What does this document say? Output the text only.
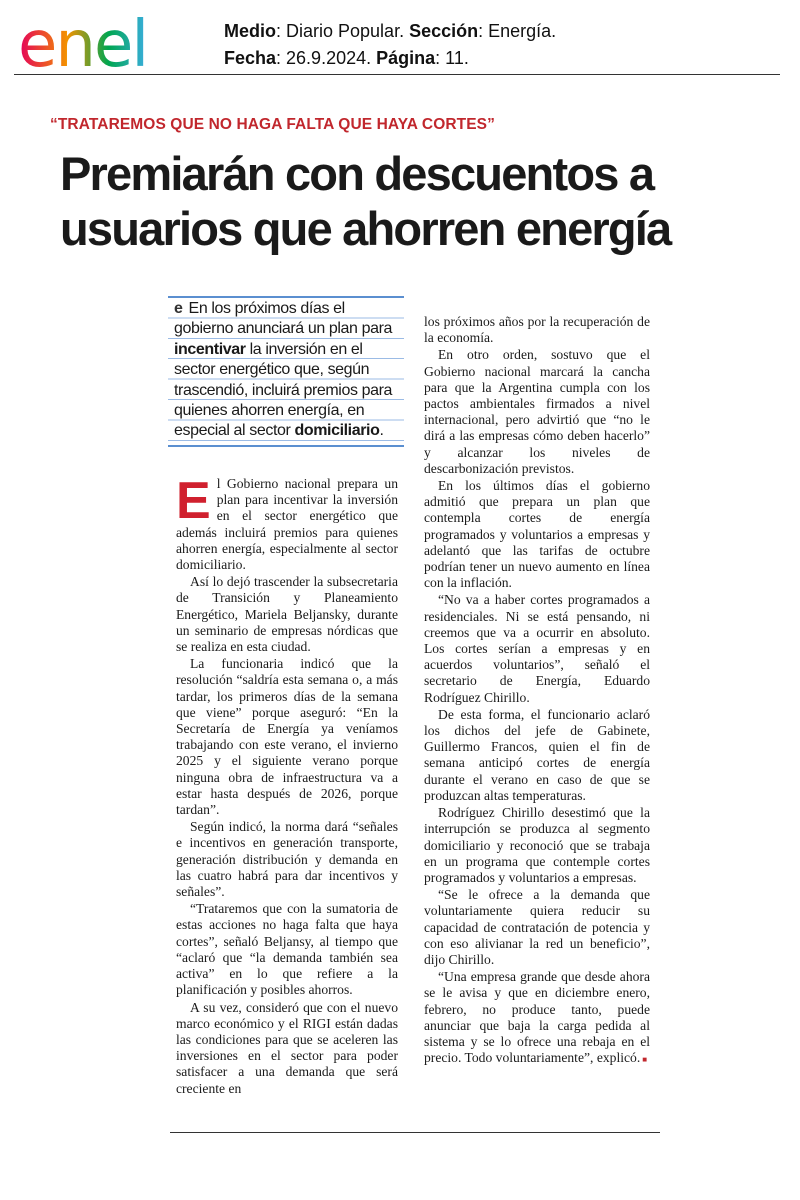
enel	Medio: Diario Popular. Sección: Energía.
Fecha: 26.9.2024. Página: 11.
“TRATAREMOS QUE NO HAGA FALTA QUE HAYA CORTES”
Premiarán con descuentos a usuarios que ahorren energía

e En los próximos días el gobierno anunciará un plan para incentivar la inversión en el sector energético que, según trascendió, incluirá premios para quienes ahorren energía, en especial al sector domiciliario.

El Gobierno nacional prepara un plan para incentivar la inversión en el sector energético que además incluirá premios para quienes ahorren energía, especialmente al sector domiciliario.

Así lo dejó trascender la subsecretaria de Transición y Planeamiento Energético, Mariela Beljansky, durante un seminario de empresas nórdicas que se realiza en esta ciudad.

La funcionaria indicó que la resolución “saldría esta semana o, a más tardar, los primeros días de la semana que viene” porque aseguró: “En la Secretaría de Energía ya veníamos trabajando con este verano, el invierno 2025 y el siguiente verano porque ninguna obra de infraestructura va a estar hasta después de 2026, porque tardan”.

Según indicó, la norma dará “señales e incentivos en generación transporte, generación distribución y demanda en las cuatro habrá para dar incentivos y señales”.

“Trataremos que con la sumatoria de estas acciones no haga falta que haya cortes”, señaló Beljansy, al tiempo que “aclaró que “la demanda también sea activa” en lo que refiere a la planificación y posibles ahorros.

A su vez, consideró que con el nuevo marco económico y el RIGI están dadas las condiciones para que se aceleren las inversiones en el sector para poder satisfacer a una demanda que será creciente en

los próximos años por la recuperación de la economía.

En otro orden, sostuvo que el Gobierno nacional marcará la cancha para que la Argentina cumpla con los pactos ambientales firmados a nivel internacional, pero advirtió que “no le dirá a las empresas cómo deben hacerlo” y alcanzar los niveles de descarbonización previstos.

En los últimos días el gobierno admitió que prepara un plan que contempla cortes de energía programados y voluntarios a empresas y adelantó que las tarifas de octubre podrían tener un nuevo aumento en línea con la inflación.

“No va a haber cortes programados a residenciales. Ni se está pensando, ni creemos que va a ocurrir en absoluto. Los cortes serían a empresas y en acuerdos voluntarios”, señaló el secretario de Energía, Eduardo Rodríguez Chirillo.

De esta forma, el funcionario aclaró los dichos del jefe de Gabinete, Guillermo Francos, quien el fin de semana anticipó cortes de energía durante el verano en caso de que se produzcan altas temperaturas.

Rodríguez Chirillo desestimó que la interrupción se produzca al segmento domiciliario y reconoció que se trabaja en un programa que contemple cortes programados y voluntarios a empresas.

“Se le ofrece a la demanda que voluntariamente quiera reducir su capacidad de contratación de potencia y con eso alivianar la red un beneficio”, dijo Chirillo.

“Una empresa grande que desde ahora se le avisa y que en diciembre enero, febrero, no produce tanto, puede anunciar que baja la carga pedida al sistema y se lo ofrece una rebaja en el precio. Todo voluntariamente”, explicó. ■
